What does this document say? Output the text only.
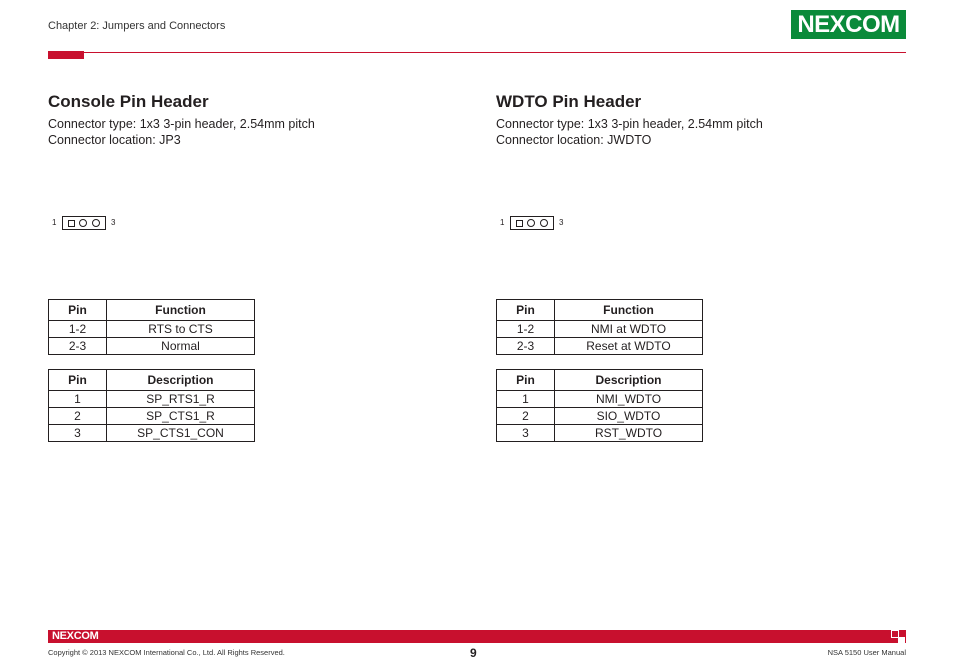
Chapter 2: Jumpers and Connectors	NEXCOM
Console Pin Header
Connector type: 1x3 3-pin header, 2.54mm pitch
Connector location: JP3
1	3
Pin	Function
1-2	RTS to CTS
2-3	Normal
Pin	Description
1	SP_RTS1_R
2	SP_CTS1_R
3	SP_CTS1_CON
WDTO Pin Header
Connector type: 1x3 3-pin header, 2.54mm pitch
Connector location: JWDTO
1	3
Pin	Function
1-2	NMI at WDTO
2-3	Reset at WDTO
Pin	Description
1	NMI_WDTO
2	SIO_WDTO
3	RST_WDTO
NEXCOM
Copyright © 2013 NEXCOM International Co., Ltd. All Rights Reserved.	9	NSA 5150 User Manual
